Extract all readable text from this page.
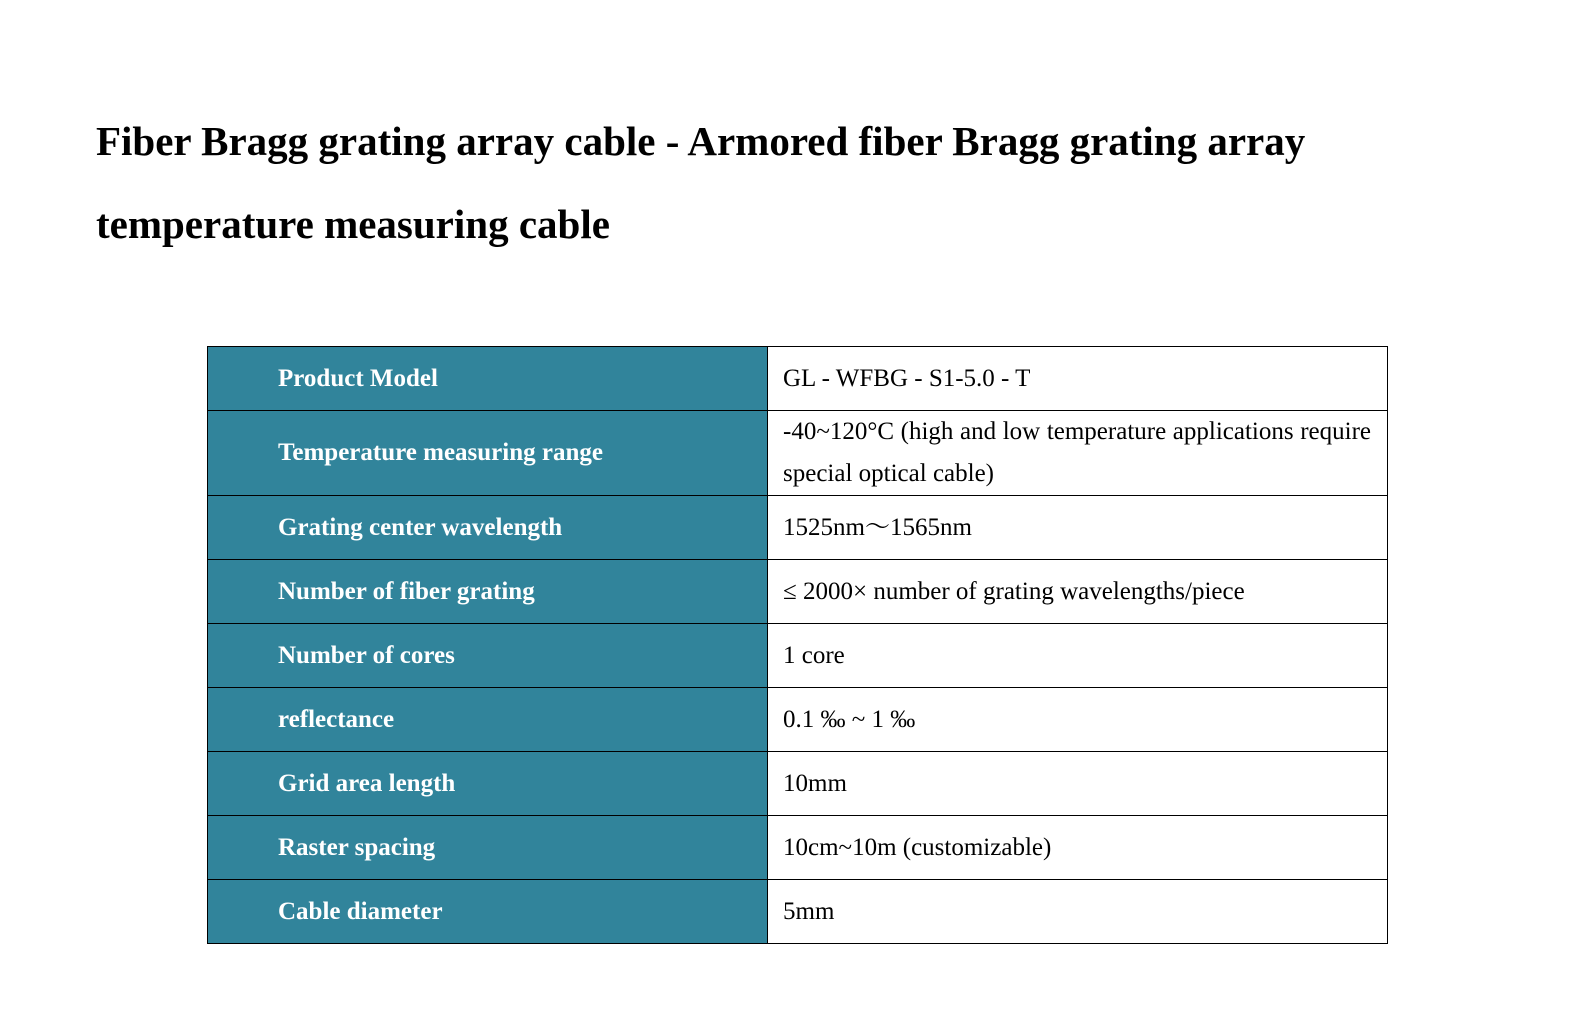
Fiber Bragg grating array cable - Armored fiber Bragg grating array temperature measuring cable
Product Model	GL - WFBG - S1-5.0 - T
Temperature measuring range	-40~120°C (high and low temperature applications require special optical cable)
Grating center wavelength	1525nm～1565nm
Number of fiber grating	≤ 2000× number of grating wavelengths/piece
Number of cores	1 core
reflectance	0.1 ‰ ~ 1 ‰
Grid area length	10mm
Raster spacing	10cm~10m (customizable)
Cable diameter	5mm
